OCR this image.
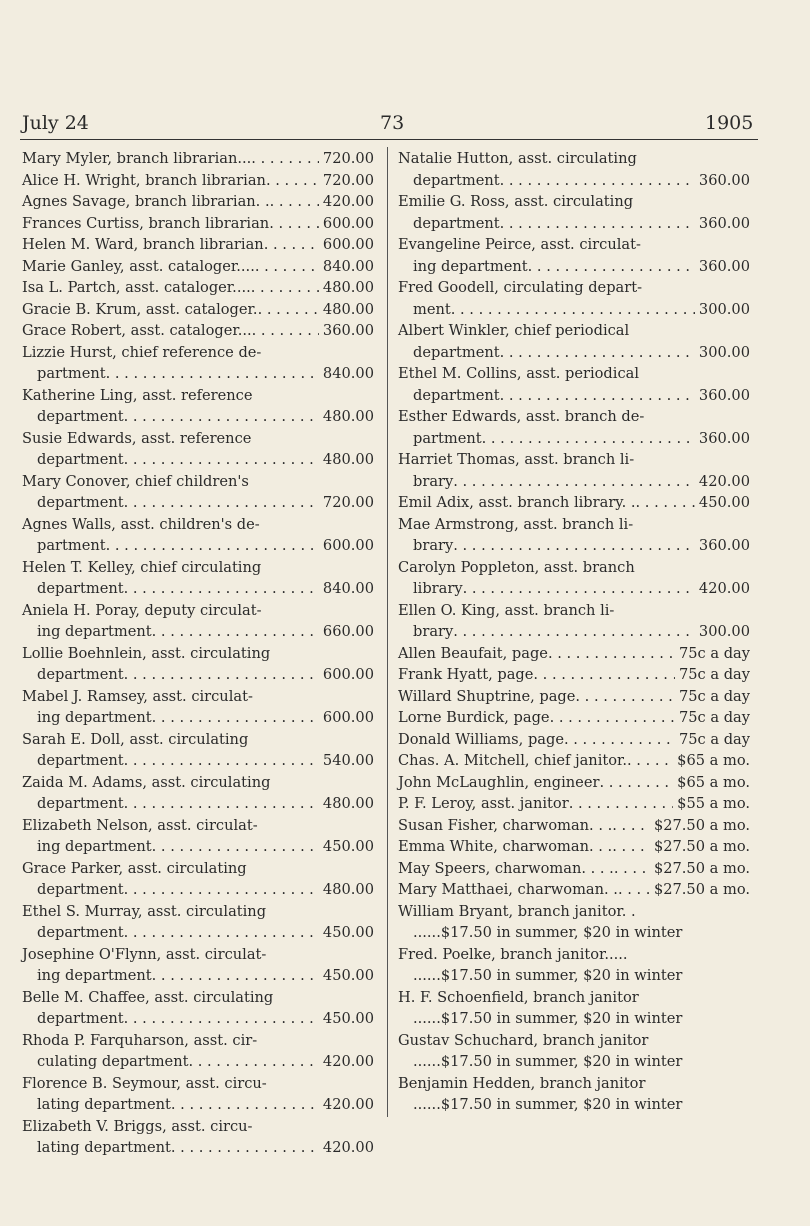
July 24	73	1905
Mary Myler, branch librarian... . . .	720.00
Alice H. Wright, branch librarian . . .	720.00
Agnes Savage, branch librarian. . . . .	420.00
Frances Curtiss, branch librarian . . .	600.00
Helen M. Ward, branch librarian . . .	600.00
Marie Ganley, asst. cataloger.... . . .	840.00
Isa L. Partch, asst. cataloger.... . . .	480.00
Gracie B. Krum, asst. cataloger. . . .	480.00
Grace Robert, asst. cataloger... . . .	360.00
Lizzie Hurst, chief reference de-
partment . . .	840.00
Katherine Ling, asst. reference
department . . .	480.00
Susie Edwards, asst. reference
department . . .	480.00
Mary Conover, chief children's
department . . .	720.00
Agnes Walls, asst. children's de-
partment . . .	600.00
Helen T. Kelley, chief circulating
department . . .	840.00
Aniela H. Poray, deputy circulat-
ing department . . .	660.00
Lollie Boehnlein, asst. circulating
department . . .	600.00
Mabel J. Ramsey, asst. circulat-
ing department . . .	600.00
Sarah E. Doll, asst. circulating
department . . .	540.00
Zaida M. Adams, asst. circulating
department . . .	480.00
Elizabeth Nelson, asst. circulat-
ing department . . .	450.00
Grace Parker, asst. circulating
department . . .	480.00
Ethel S. Murray, asst. circulating
department . . .	450.00
Josephine O'Flynn, asst. circulat-
ing department . . .	450.00
Belle M. Chaffee, asst. circulating
department . . .	450.00
Rhoda P. Farquharson, asst. cir-
culating department . . .	420.00
Florence B. Seymour, asst. circu-
lating department . . .	420.00
Elizabeth V. Briggs, asst. circu-
lating department . . .	420.00
Natalie Hutton, asst. circulating
department . . .	360.00
Emilie G. Ross, asst. circulating
department . . .	360.00
Evangeline Peirce, asst. circulat-
ing department . . .	360.00
Fred Goodell, circulating depart-
ment . . .	300.00
Albert Winkler, chief periodical
department . . .	300.00
Ethel M. Collins, asst. periodical
department . . .	360.00
Esther Edwards, asst. branch de-
partment . . .	360.00
Harriet Thomas, asst. branch li-
brary . . .	420.00
Emil Adix, asst. branch library. . . . .	450.00
Mae Armstrong, asst. branch li-
brary . . .	360.00
Carolyn Poppleton, asst. branch
library . . .	420.00
Ellen O. King, asst. branch li-
brary . . .	300.00
Allen Beaufait, page . . .	75c a day
Frank Hyatt, page . . .	75c a day
Willard Shuptrine, page . . .	75c a day
Lorne Burdick, page . . .	75c a day
Donald Williams, page . . .	75c a day
Chas. A. Mitchell, chief janitor. . . .	$65 a mo.
John McLaughlin, engineer . . .	$65 a mo.
P. F. Leroy, asst. janitor . . .	$55 a mo.
Susan Fisher, charwoman. . . . . .	$27.50 a mo.
Emma White, charwoman. . . . . .	$27.50 a mo.
May Speers, charwoman. . . . . . .	$27.50 a mo.
Mary Matthaei, charwoman. . . . . $27.50 a mo.
William Bryant, branch janitor. .
......$17.50 in summer, $20 in winter
Fred. Poelke, branch janitor.....
......$17.50 in summer, $20 in winter
H. F. Schoenfield, branch janitor
......$17.50 in summer, $20 in winter
Gustav Schuchard, branch janitor
......$17.50 in summer, $20 in winter
Benjamin Hedden, branch janitor
......$17.50 in summer, $20 in winter
